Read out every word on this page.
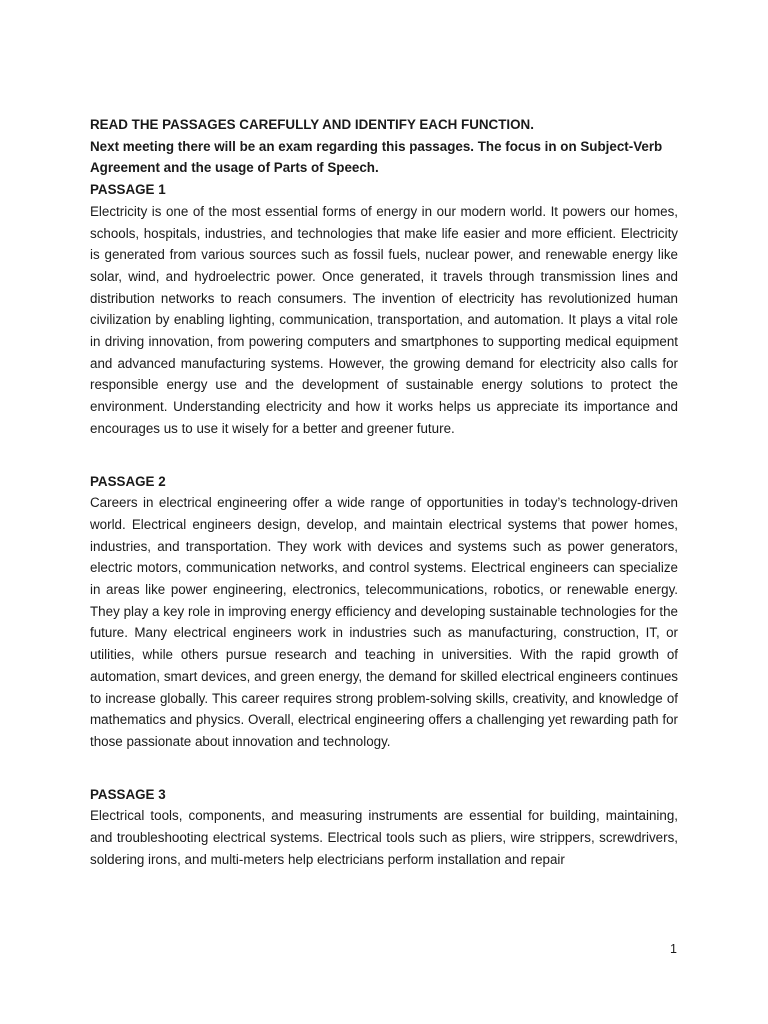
READ THE PASSAGES CAREFULLY AND IDENTIFY EACH FUNCTION.

Next meeting there will be an exam regarding this passages. The focus in on Subject-Verb Agreement and the usage of Parts of Speech.

PASSAGE 1

Electricity is one of the most essential forms of energy in our modern world. It powers our homes, schools, hospitals, industries, and technologies that make life easier and more efficient. Electricity is generated from various sources such as fossil fuels, nuclear power, and renewable energy like solar, wind, and hydroelectric power. Once generated, it travels through transmission lines and distribution networks to reach consumers. The invention of electricity has revolutionized human civilization by enabling lighting, communication, transportation, and automation. It plays a vital role in driving innovation, from powering computers and smartphones to supporting medical equipment and advanced manufacturing systems. However, the growing demand for electricity also calls for responsible energy use and the development of sustainable energy solutions to protect the environment. Understanding electricity and how it works helps us appreciate its importance and encourages us to use it wisely for a better and greener future.

PASSAGE 2

Careers in electrical engineering offer a wide range of opportunities in today’s technology-driven world. Electrical engineers design, develop, and maintain electrical systems that power homes, industries, and transportation. They work with devices and systems such as power generators, electric motors, communication networks, and control systems. Electrical engineers can specialize in areas like power engineering, electronics, telecommunications, robotics, or renewable energy. They play a key role in improving energy efficiency and developing sustainable technologies for the future. Many electrical engineers work in industries such as manufacturing, construction, IT, or utilities, while others pursue research and teaching in universities. With the rapid growth of automation, smart devices, and green energy, the demand for skilled electrical engineers continues to increase globally. This career requires strong problem-solving skills, creativity, and knowledge of mathematics and physics. Overall, electrical engineering offers a challenging yet rewarding path for those passionate about innovation and technology.

PASSAGE 3

Electrical tools, components, and measuring instruments are essential for building, maintaining, and troubleshooting electrical systems. Electrical tools such as pliers, wire strippers, screwdrivers, soldering irons, and multi-meters help electricians perform installation and repair

1
